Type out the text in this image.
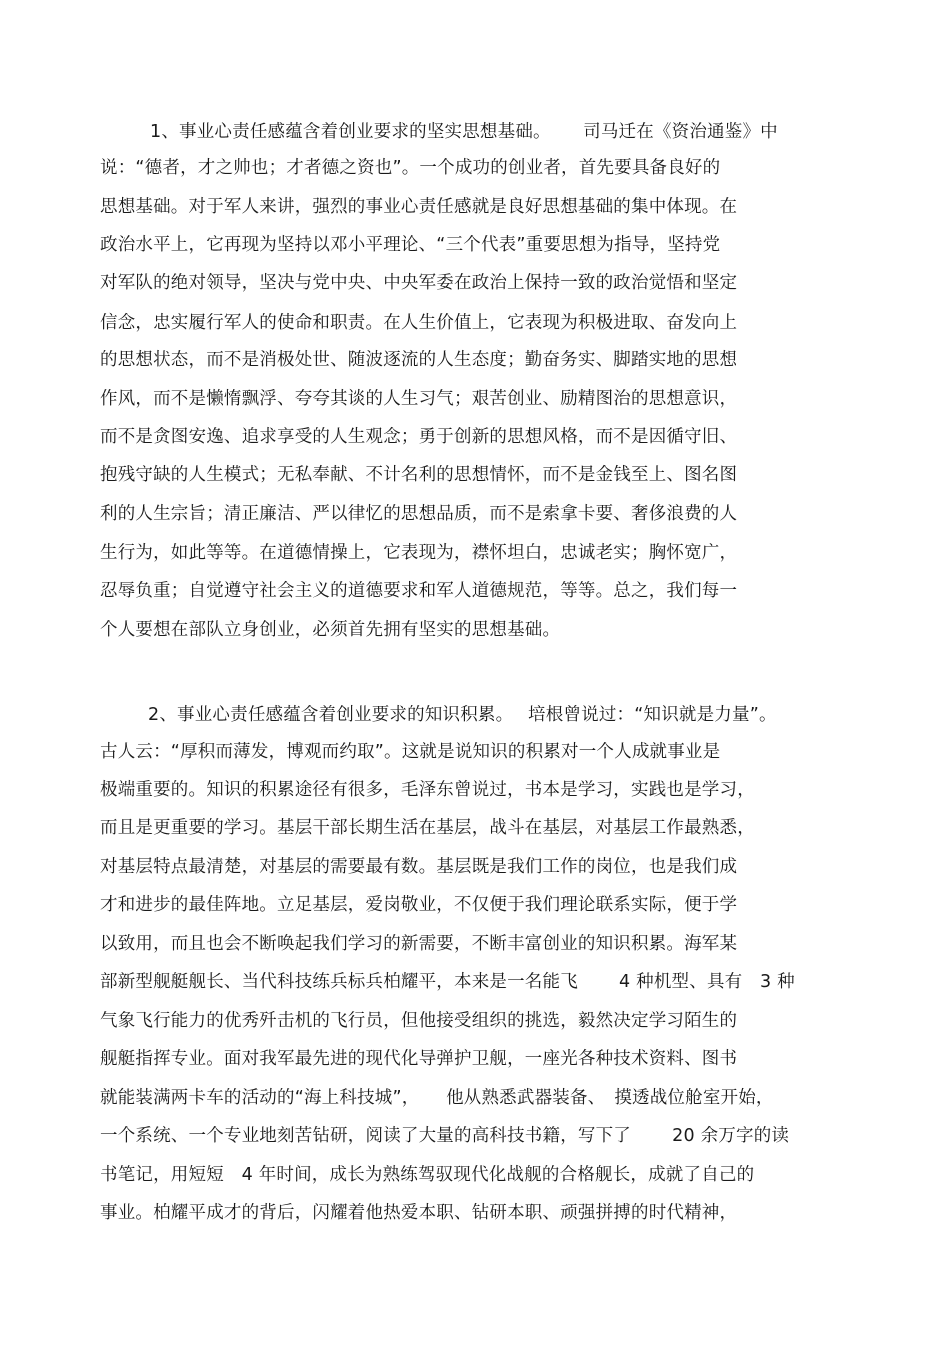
1、事业心责任感蕴含着创业要求的坚实思想基础。　　 司马迁在《资治通鉴》中
说：“德者，才之帅也；才者德之资也”。一个成功的创业者，首先要具备良好的
思想基础。对于军人来讲，强烈的事业心责任感就是良好思想基础的集中体现。在
政治水平上，它再现为坚持以邓小平理论、“三个代表”重要思想为指导，坚持党
对军队的绝对领导，坚决与党中央、中央军委在政治上保持一致的政治觉悟和坚定
信念，忠实履行军人的使命和职责。在人生价值上，它表现为积极进取、奋发向上
的思想状态，而不是消极处世、随波逐流的人生态度；勤奋务实、脚踏实地的思想
作风，而不是懒惰飘浮、夸夸其谈的人生习气；艰苦创业、励精图治的思想意识，
而不是贪图安逸、追求享受的人生观念；勇于创新的思想风格，而不是因循守旧、
抱残守缺的人生模式；无私奉献、不计名利的思想情怀，而不是金钱至上、图名图
利的人生宗旨；清正廉洁、严以律忆的思想品质，而不是索拿卡要、奢侈浪费的人
生行为，如此等等。在道德情操上，它表现为，襟怀坦白，忠诚老实；胸怀宽广，
忍辱负重；自觉遵守社会主义的道德要求和军人道德规范，等等。总之，我们每一
个人要想在部队立身创业，必须首先拥有坚实的思想基础。
2、事业心责任感蕴含着创业要求的知识积累。　 培根曾说过：“知识就是力量”。
古人云：“厚积而薄发，博观而约取”。这就是说知识的积累对一个人成就事业是
极端重要的。知识的积累途径有很多，毛泽东曾说过，书本是学习，实践也是学习，
而且是更重要的学习。基层干部长期生活在基层，战斗在基层，对基层工作最熟悉，
对基层特点最清楚，对基层的需要最有数。基层既是我们工作的岗位，也是我们成
才和进步的最佳阵地。立足基层，爱岗敬业，不仅便于我们理论联系实际，便于学
以致用，而且也会不断唤起我们学习的新需要，不断丰富创业的知识积累。海军某
部新型舰艇舰长、当代科技练兵标兵柏耀平，本来是一名能飞　　 4 种机型、具有　3 种
气象飞行能力的优秀歼击机的飞行员，但他接受组织的挑选，毅然决定学习陌生的
舰艇指挥专业。面对我军最先进的现代化导弹护卫舰，一座光各种技术资料、图书
就能装满两卡车的活动的“海上科技城”，　　他从熟悉武器装备、　摸透战位舱室开始，
一个系统、一个专业地刻苦钻研，阅读了大量的高科技书籍，写下了　　 20 余万字的读
书笔记，用短短　4 年时间，成长为熟练驾驭现代化战舰的合格舰长，成就了自己的
事业。柏耀平成才的背后，闪耀着他热爱本职、钻研本职、顽强拼搏的时代精神，
